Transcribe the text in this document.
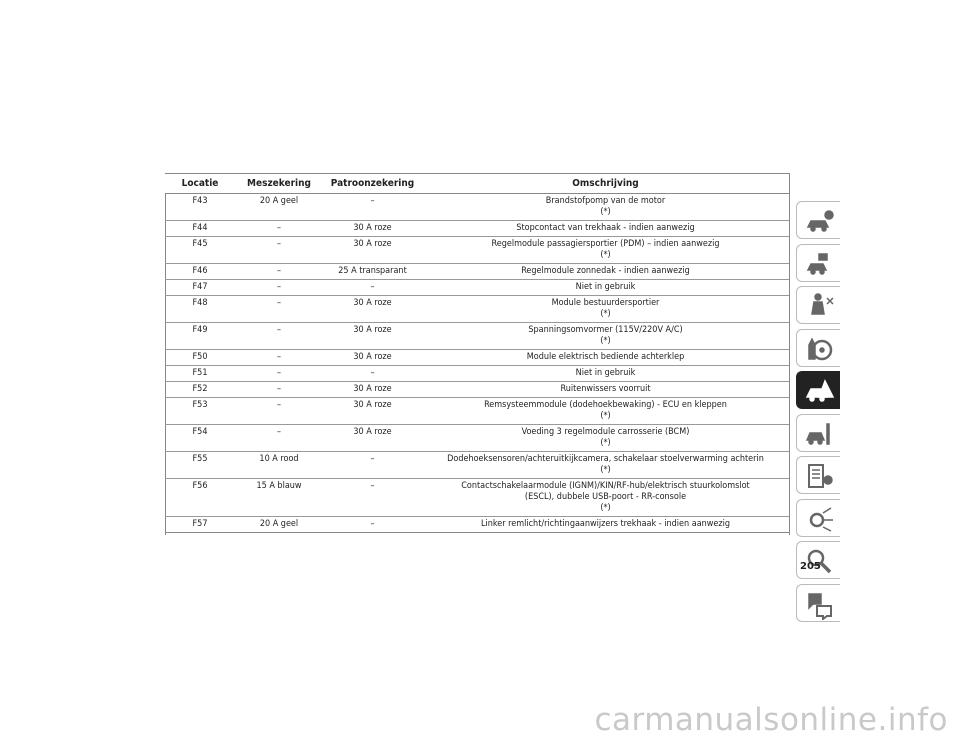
Locatie	Meszekering	Patroonzekering	Omschrijving
F43	20 A geel	–	Brandstofpomp van de motor
(*)

F44	–	30 A roze	Stopcontact van trekhaak - indien aanwezig

F45	–	30 A roze	Regelmodule passagiersportier (PDM) – indien aanwezig
(*)

F46	–	25 A transparant	Regelmodule zonnedak - indien aanwezig

F47	–	–	Niet in gebruik

F48	–	30 A roze	Module bestuurdersportier
(*)

F49	–	30 A roze	Spanningsomvormer (115V/220V A/C)
(*)

F50	–	30 A roze	Module elektrisch bediende achterklep

F51	–	–	Niet in gebruik

F52	–	30 A roze	Ruitenwissers voorruit

F53	–	30 A roze	Remsysteemmodule (dodehoekbewaking) - ECU en kleppen
(*)

F54	–	30 A roze	Voeding 3 regelmodule carrosserie (BCM)
(*)

F55	10 A rood	–	Dodehoeksensoren/achteruitkijkcamera, schakelaar stoelverwarming achterin
(*)

F56	15 A blauw	–	Contactschakelaarmodule (IGNM)/KIN/RF-hub/elektrisch stuurkolomslot
(ESCL), dubbele USB-poort - RR-console
(*)

F57	20 A geel	–	Linker remlicht/richtingaanwijzers trekhaak - indien aanwezig
205
carmanualsonline.info
